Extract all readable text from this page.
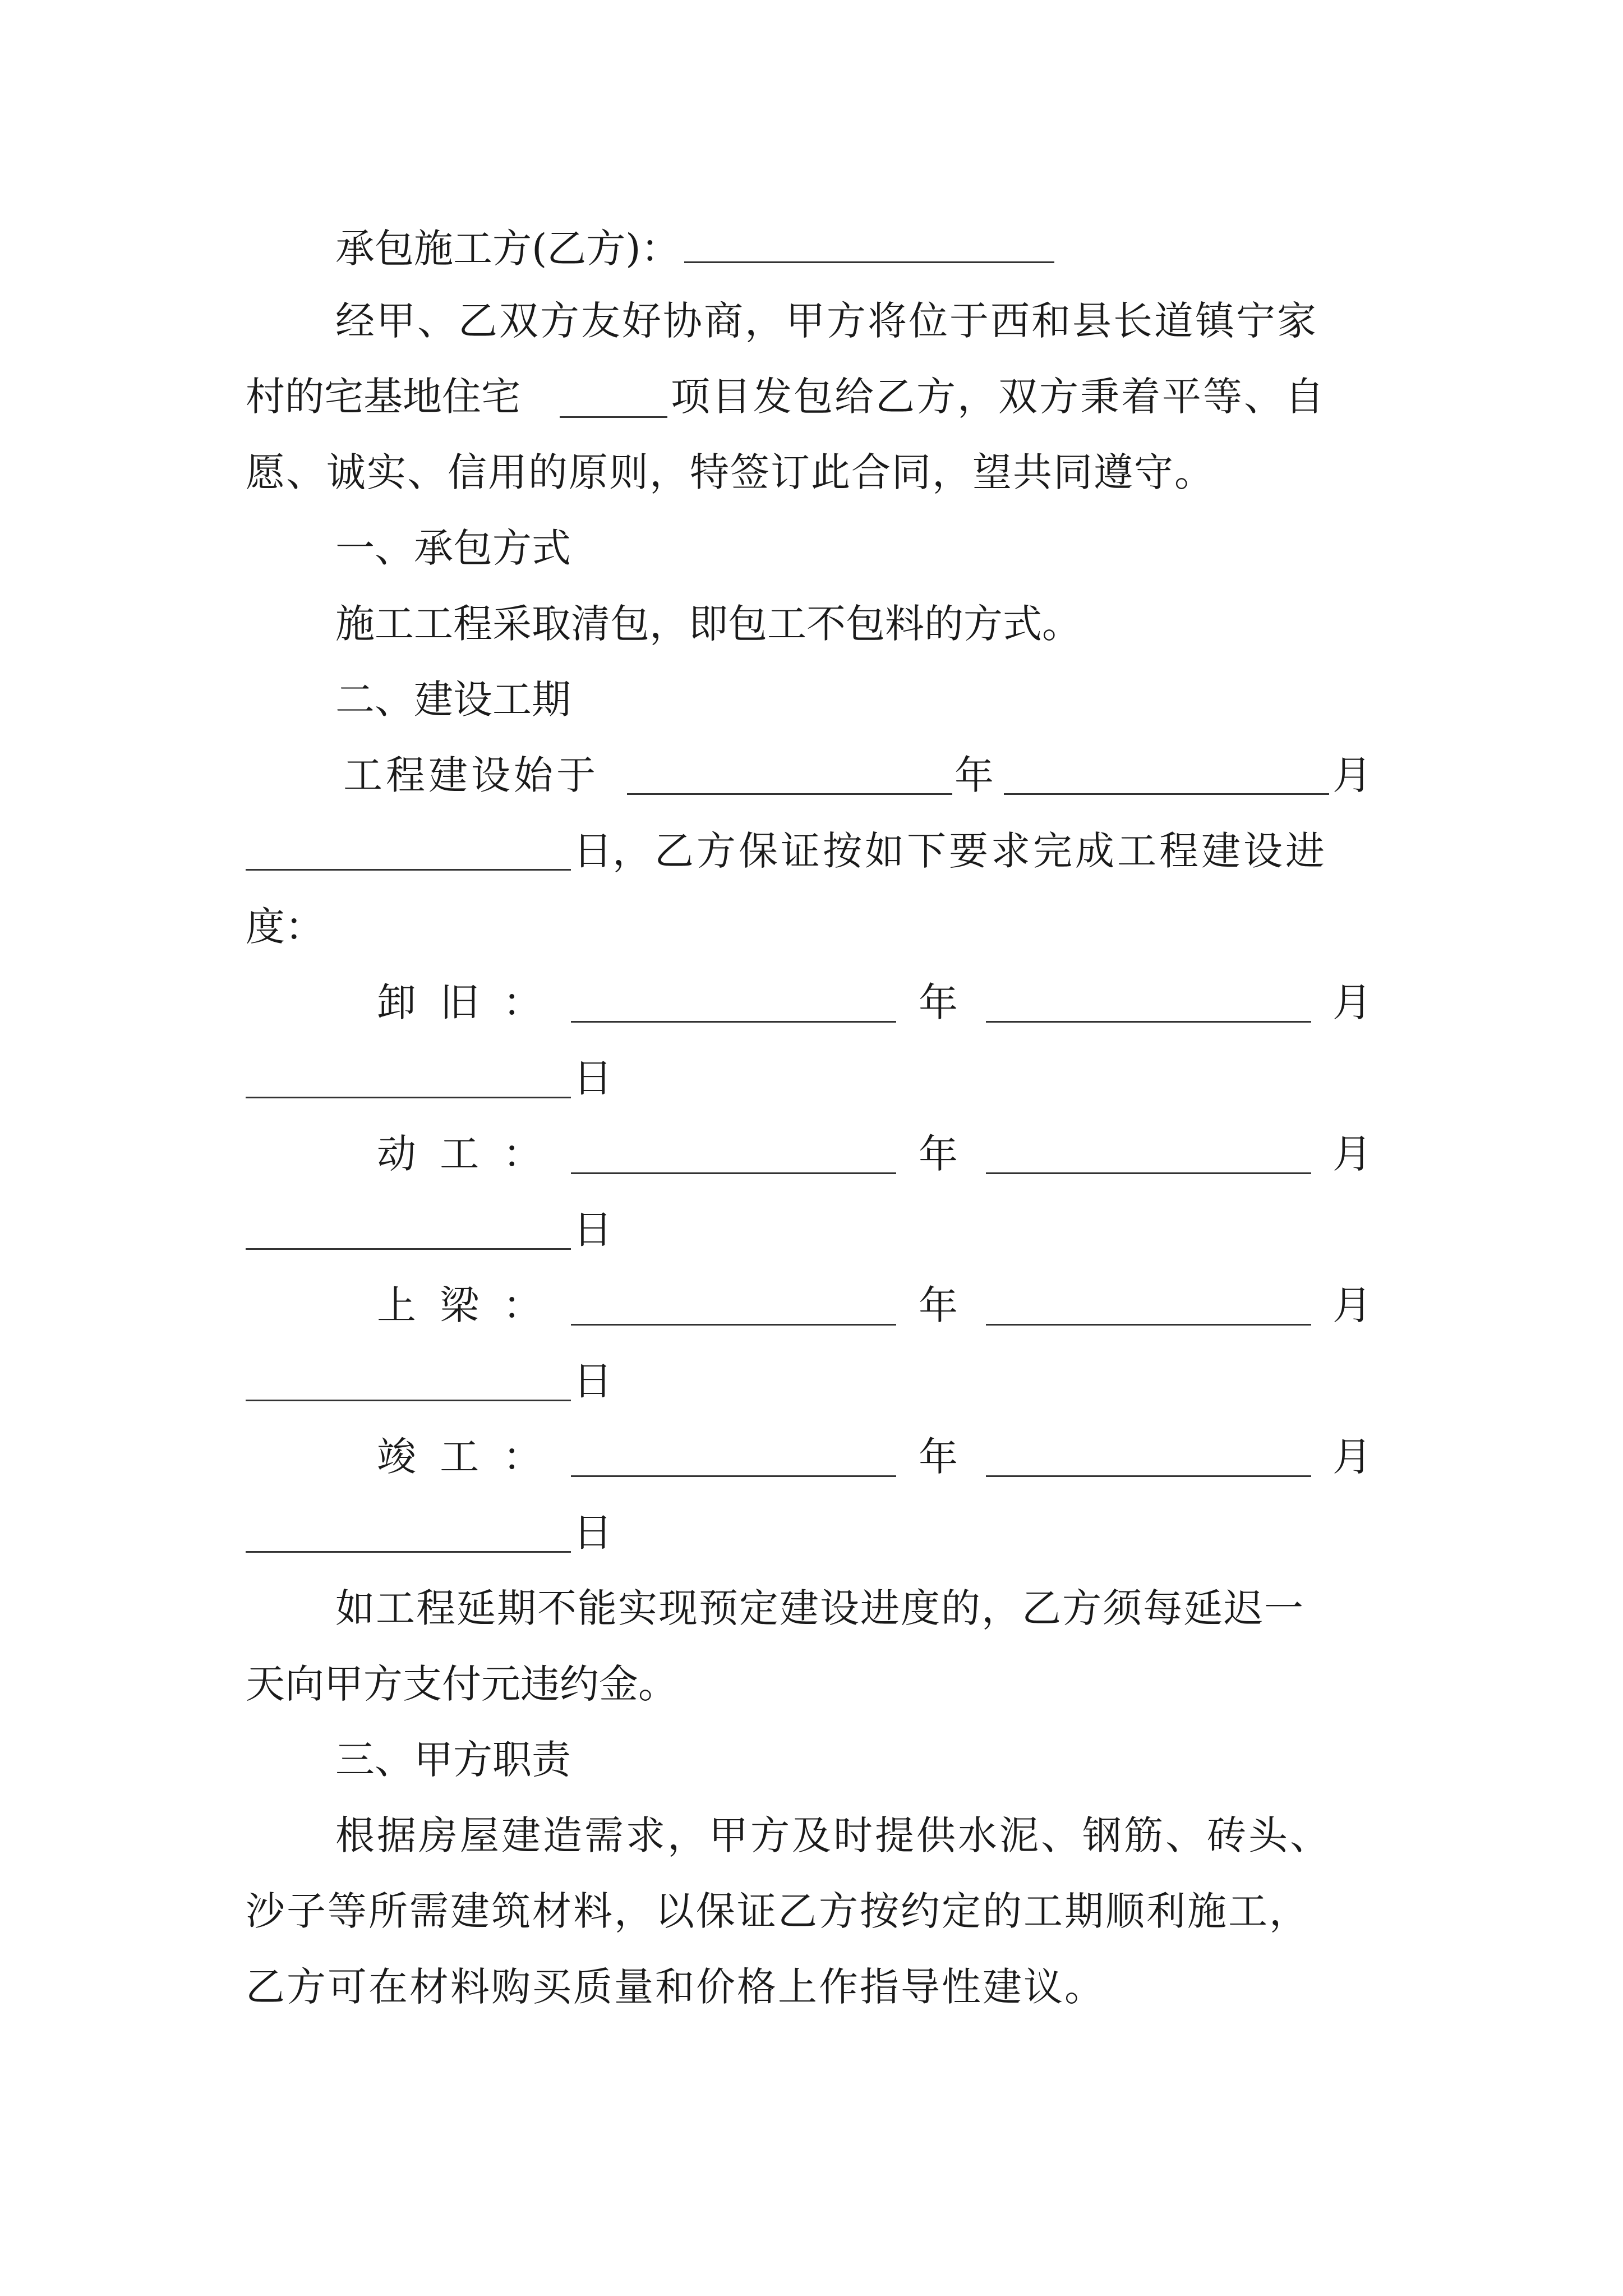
承包施工方(乙方)：
经甲、乙双方友好协商，甲方将位于西和县长道镇宁家
村的宅基地住宅	项目发包给乙方，双方秉着平等、自
愿、诚实、信用的原则，特签订此合同，望共同遵守。
一、承包方式
施工工程采取清包，即包工不包料的方式。
二、建设工期
工程建设始于	年	月
日 ，乙方保证按如下要求完成工程建设进
度：
卸 旧 ：	年	月
日
动 工 ：	年	月
日
上 梁 ：	年	月
日
竣 工 ：	年	月
日
如工程延期不能实现预定建设进度的，乙方须每延迟一
天向甲方支付元违约金。
三、甲方职责
根据房屋建造需求，甲方及时提供水泥、钢筋、砖头、
沙子等所需建筑材料，以保证乙方按约定的工期顺利施工，
乙方可在材料购买质量和价格上作指导性建议。
